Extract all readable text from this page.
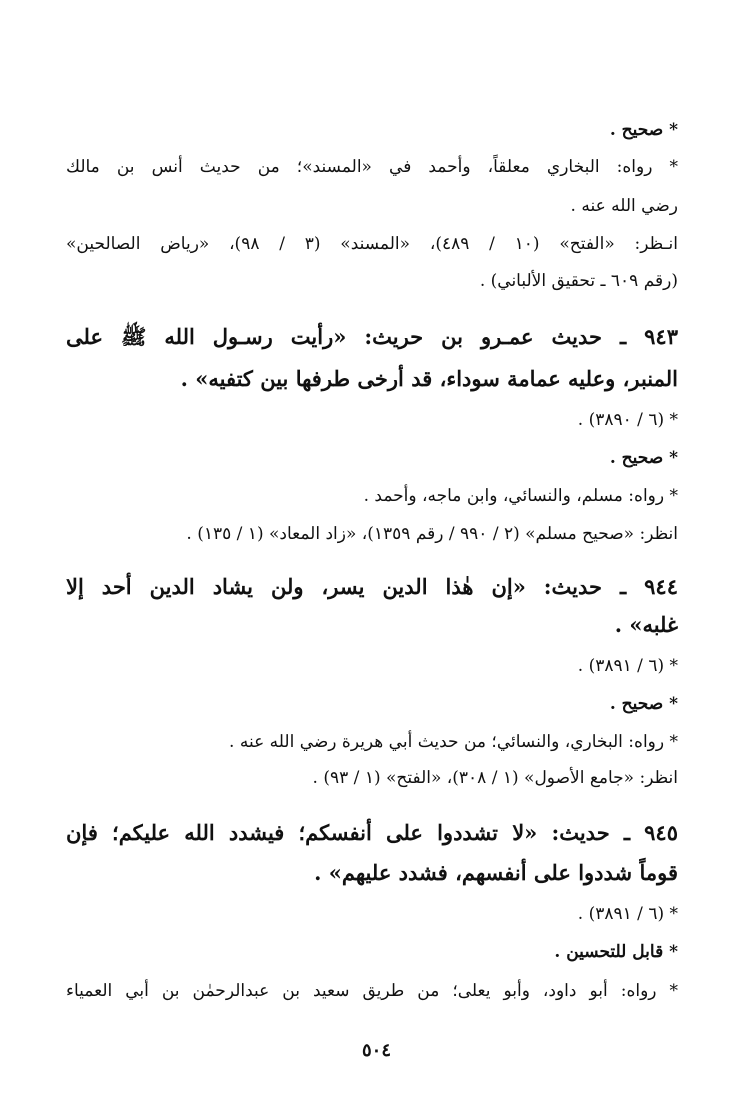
* صحيح .
* رواه: البخاري معلقاً، وأحمد في «المسند»؛ من حديث أنس بن مالك
رضي الله عنه .
انـظر: «الفتح» (١٠ / ٤٨٩)، «المسند» (٣ / ٩٨)، «رياض الصالحين»
(رقم ٦٠٩ ـ تحقيق الألباني) .
٩٤٣ ـ حديث عمـرو بن حريث: «رأيت رسـول الله ﷺ على
المنبر، وعليه عمامة سوداء، قد أرخى طرفها بين كتفيه» .
* (٦ / ٣٨٩٠) .
* صحيح .
* رواه: مسلم، والنسائي، وابن ماجه، وأحمد .
انظر: «صحيح مسلم» (٢ / ٩٩٠ / رقم ١٣٥٩)، «زاد المعاد» (١ / ١٣٥) .
٩٤٤ ـ حديث: «إن هٰذا الدين يسر، ولن يشاد الدين أحد إلا
غلبه» .
* (٦ / ٣٨٩١) .
* صحيح .
* رواه: البخاري، والنسائي؛ من حديث أبي هريرة رضي الله عنه .
انظر: «جامع الأصول» (١ / ٣٠٨)، «الفتح» (١ / ٩٣) .
٩٤٥ ـ حديث: «لا تشددوا على أنفسكم؛ فيشدد الله عليكم؛ فإن
قوماً شددوا على أنفسهم، فشدد عليهم» .
* (٦ / ٣٨٩١) .
* قابل للتحسين .
* رواه: أبو داود، وأبو يعلى؛ من طريق سعيد بن عبدالرحمٰن بن أبي العمياء
٥٠٤
